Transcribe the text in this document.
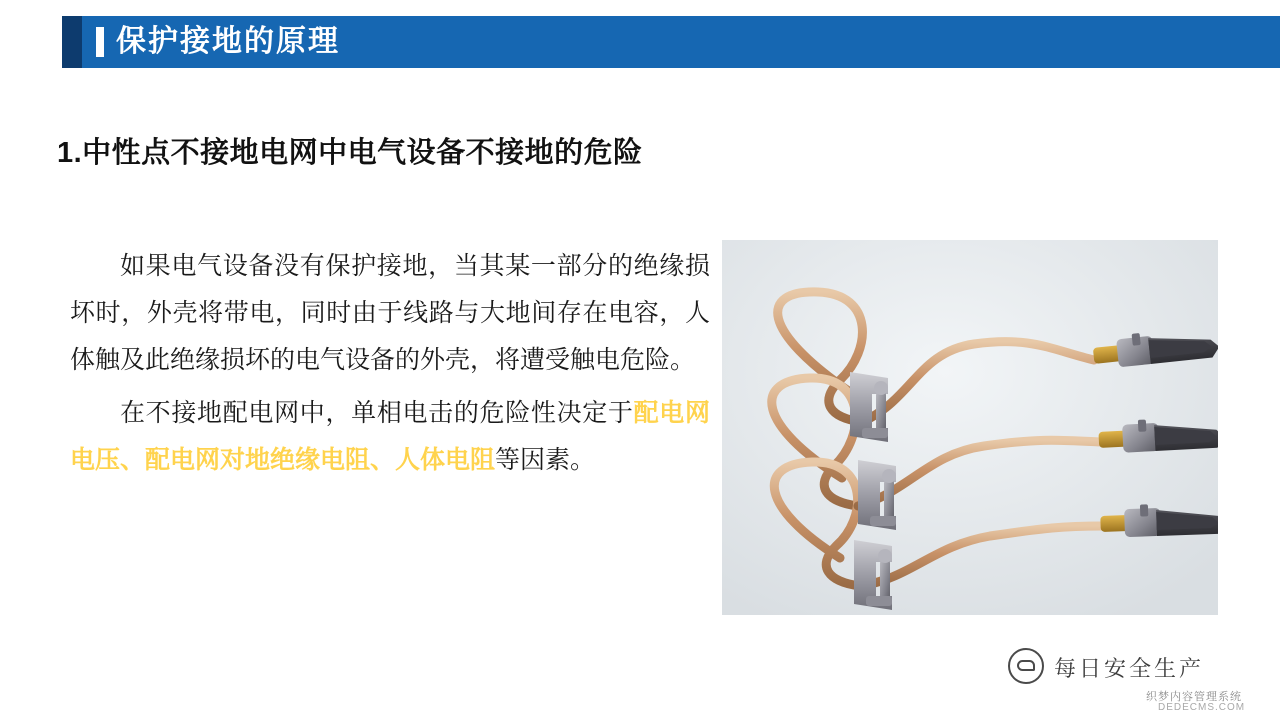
保护接地的原理
1.中性点不接地电网中电气设备不接地的危险

如果电气设备没有保护接地，当其某一部分的绝缘损坏时，外壳将带电，同时由于线路与大地间存在电容，人体触及此绝缘损坏的电气设备的外壳，将遭受触电危险。

在不接地配电网中，单相电击的危险性决定于配电网电压、配电网对地绝缘电阻、人体电阻等因素。

每日安全生产
织梦内容管理系统
DEDECMS.COM
